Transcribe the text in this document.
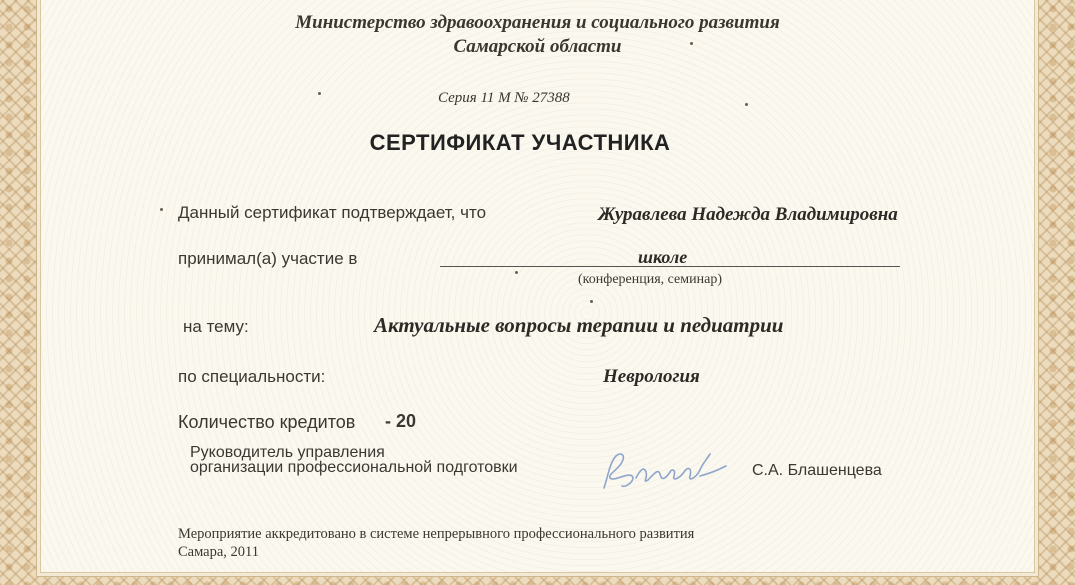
Министерство здравоохранения и социального развития
Самарской области
Серия 11 М № 27388
СЕРТИФИКАТ УЧАСТНИКА
Данный сертификат подтверждает, что	Журавлева Надежда Владимировна
принимал(а) участие в	школе
(конференция, семинар)
на тему:	Актуальные вопросы терапии и педиатрии
по специальности:	Неврология
Количество кредитов - 20
Руководитель управления
организации профессиональной подготовки	С.А. Блашенцева
Мероприятие аккредитовано в системе непрерывного профессионального развития
Самара, 2011
